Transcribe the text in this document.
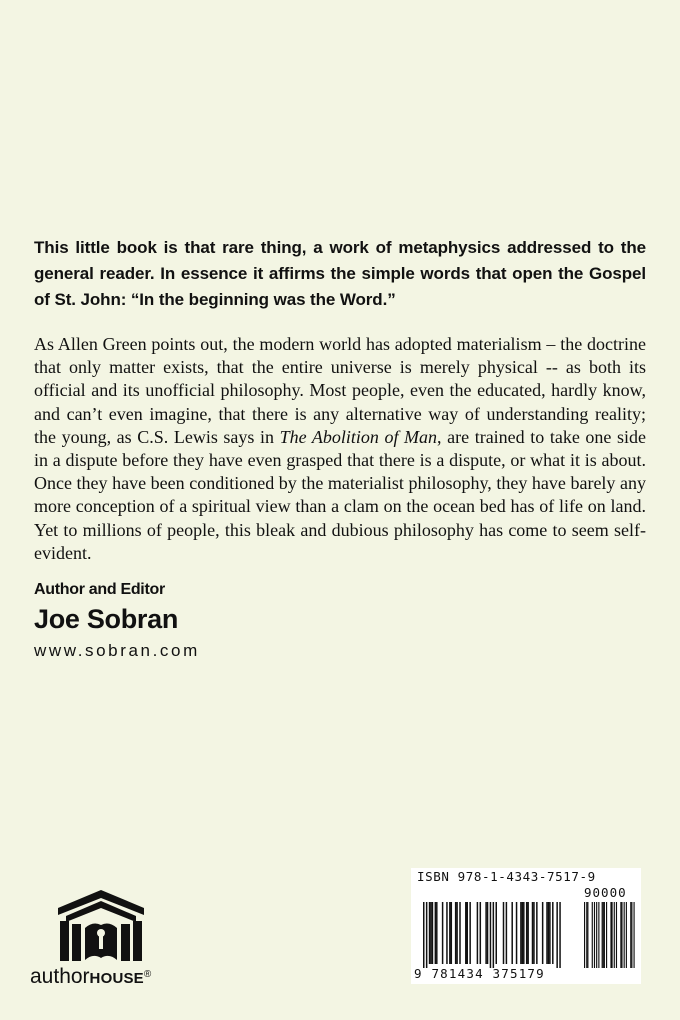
This little book is that rare thing, a work of metaphysics addressed to the general reader. In essence it affirms the simple words that open the Gospel of St. John: “In the beginning was the Word.”

As Allen Green points out, the modern world has adopted materialism – the doctrine that only matter exists, that the entire universe is merely physical -- as both its official and its unofficial philosophy. Most people, even the educated, hardly know, and can’t even imagine, that there is any alternative way of understanding reality; the young, as C.S. Lewis says in The Abolition of Man, are trained to take one side in a dispute before they have even grasped that there is a dispute, or what it is about. Once they have been conditioned by the materialist philosophy, they have barely any more conception of a spiritual view than a clam on the ocean bed has of life on land. Yet to millions of people, this bleak and dubious philosophy has come to seem self-evident.

Author and Editor
Joe Sobran
www.sobran.com
authorHOUSE®
ISBN 978-1-4343-7517-9
90000
9 781434 375179
